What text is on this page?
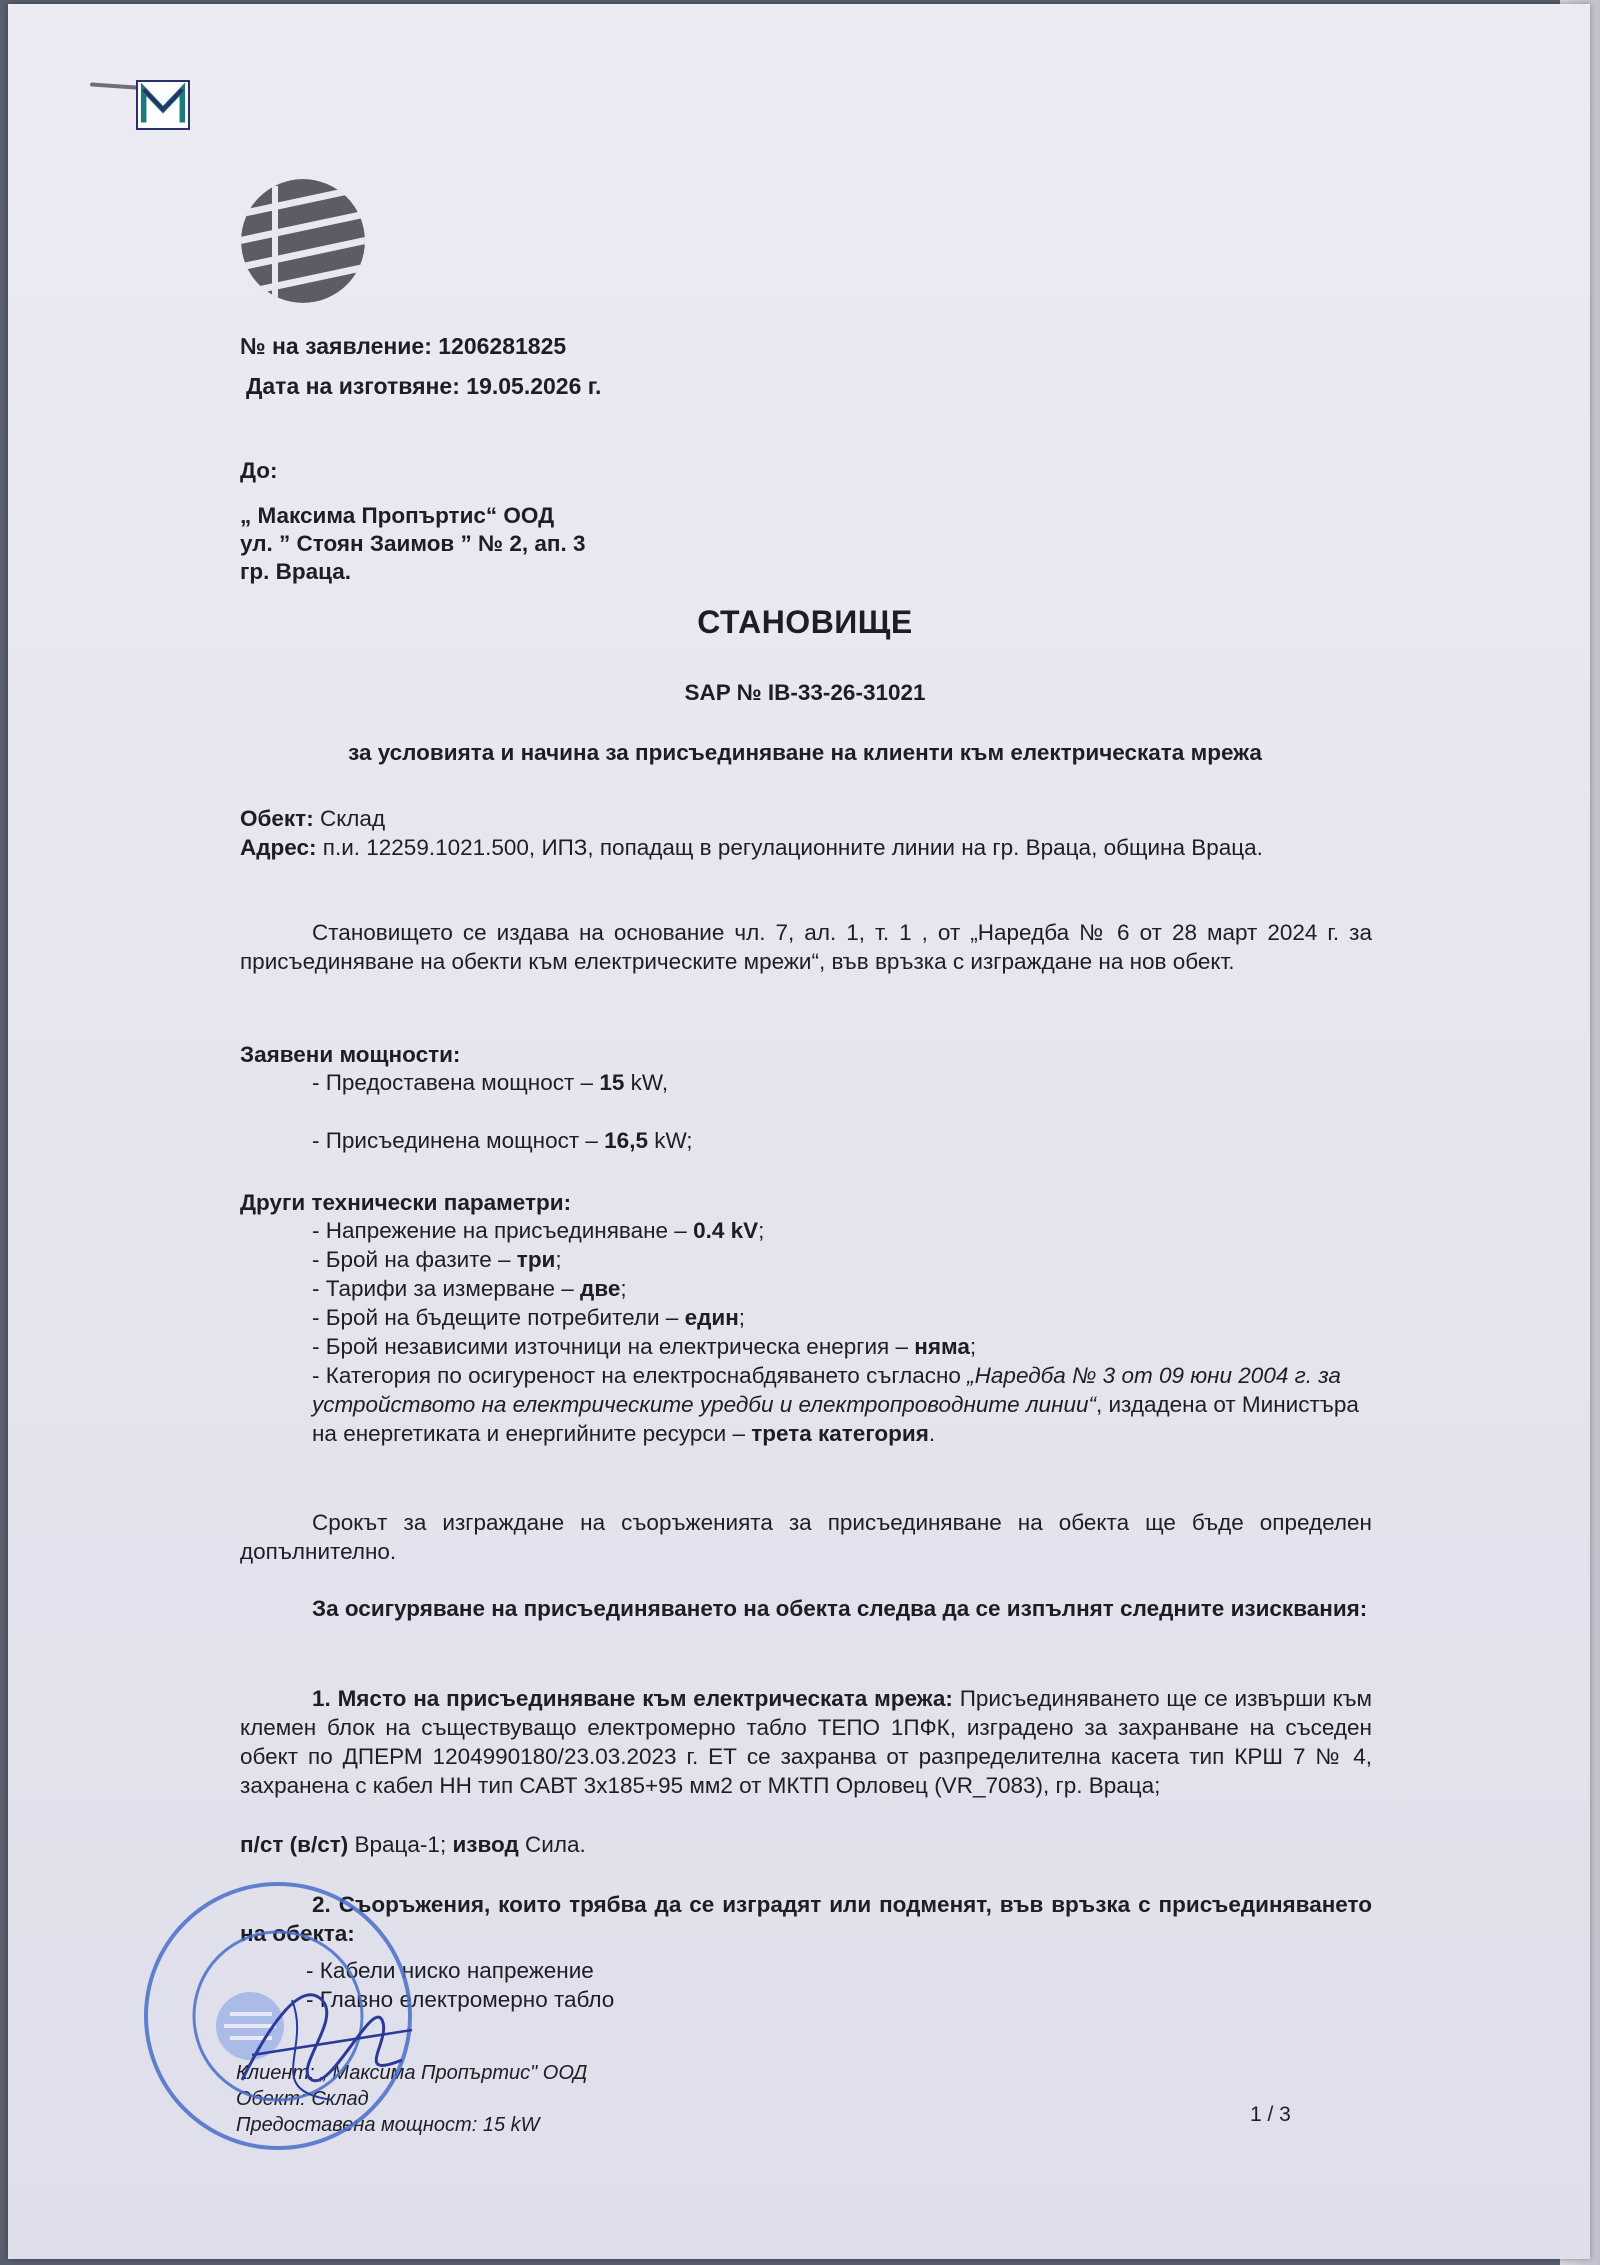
№ на заявление: 1206281825
Дата на изготвяне: 19.05.2026 г.
До:
„ Максима Пропъртис“ ООД
ул. ” Стоян Заимов ” № 2, ап. 3
гр. Враца.
СТАНОВИЩЕ
SAP № IB-33-26-31021
за условията и начина за присъединяване на клиенти към електрическата мрежа
Обект: Склад
Адрес: п.и. 12259.1021.500, ИПЗ, попадащ в регулационните линии на гр. Враца, община Враца.
Становището се издава на основание чл. 7, ал. 1, т. 1 , от „Наредба № 6 от 28 март 2024 г. за присъединяване на обекти към електрическите мрежи“, във връзка с изграждане на нов обект.
Заявени мощности:
- Предоставена мощност – 15 kW,
- Присъединена мощност – 16,5 kW;
Други технически параметри:
- Напрежение на присъединяване – 0.4 kV;
- Брой на фазите – три;
- Тарифи за измерване – две;
- Брой на бъдещите потребители – един;
- Брой независими източници на електрическа енергия – няма;
- Категория по осигуреност на електроснабдяването съгласно „Наредба № 3 от 09 юни 2004 г. за устройството на електрическите уредби и електропроводните линии“, издадена от Министъра на енергетиката и енергийните ресурси – трета категория.
Срокът за изграждане на съоръженията за присъединяване на обекта ще бъде определен допълнително.
За осигуряване на присъединяването на обекта следва да се изпълнят следните изисквания:
1. Място на присъединяване към електрическата мрежа: Присъединяването ще се извърши към клемен блок на съществуващо електромерно табло ТЕПО 1ПФК, изградено за захранване на съседен обект по ДПЕРМ 1204990180/23.03.2023 г. ЕТ се захранва от разпределителна касета тип КРШ 7 № 4, захранена с кабел НН тип САВТ 3х185+95 мм2 от МКТП Орловец (VR_7083), гр. Враца;
п/ст (в/ст) Враца-1; извод Сила.
2. Съоръжения, които трябва да се изградят или подменят, във връзка с присъединяването на обекта:
- Кабели ниско напрежение
- Главно електромерно табло
Клиент: „ Максима Пропъртис" ООД
Обект: Склад
Предоставена мощност: 15 kW	1 / 3
